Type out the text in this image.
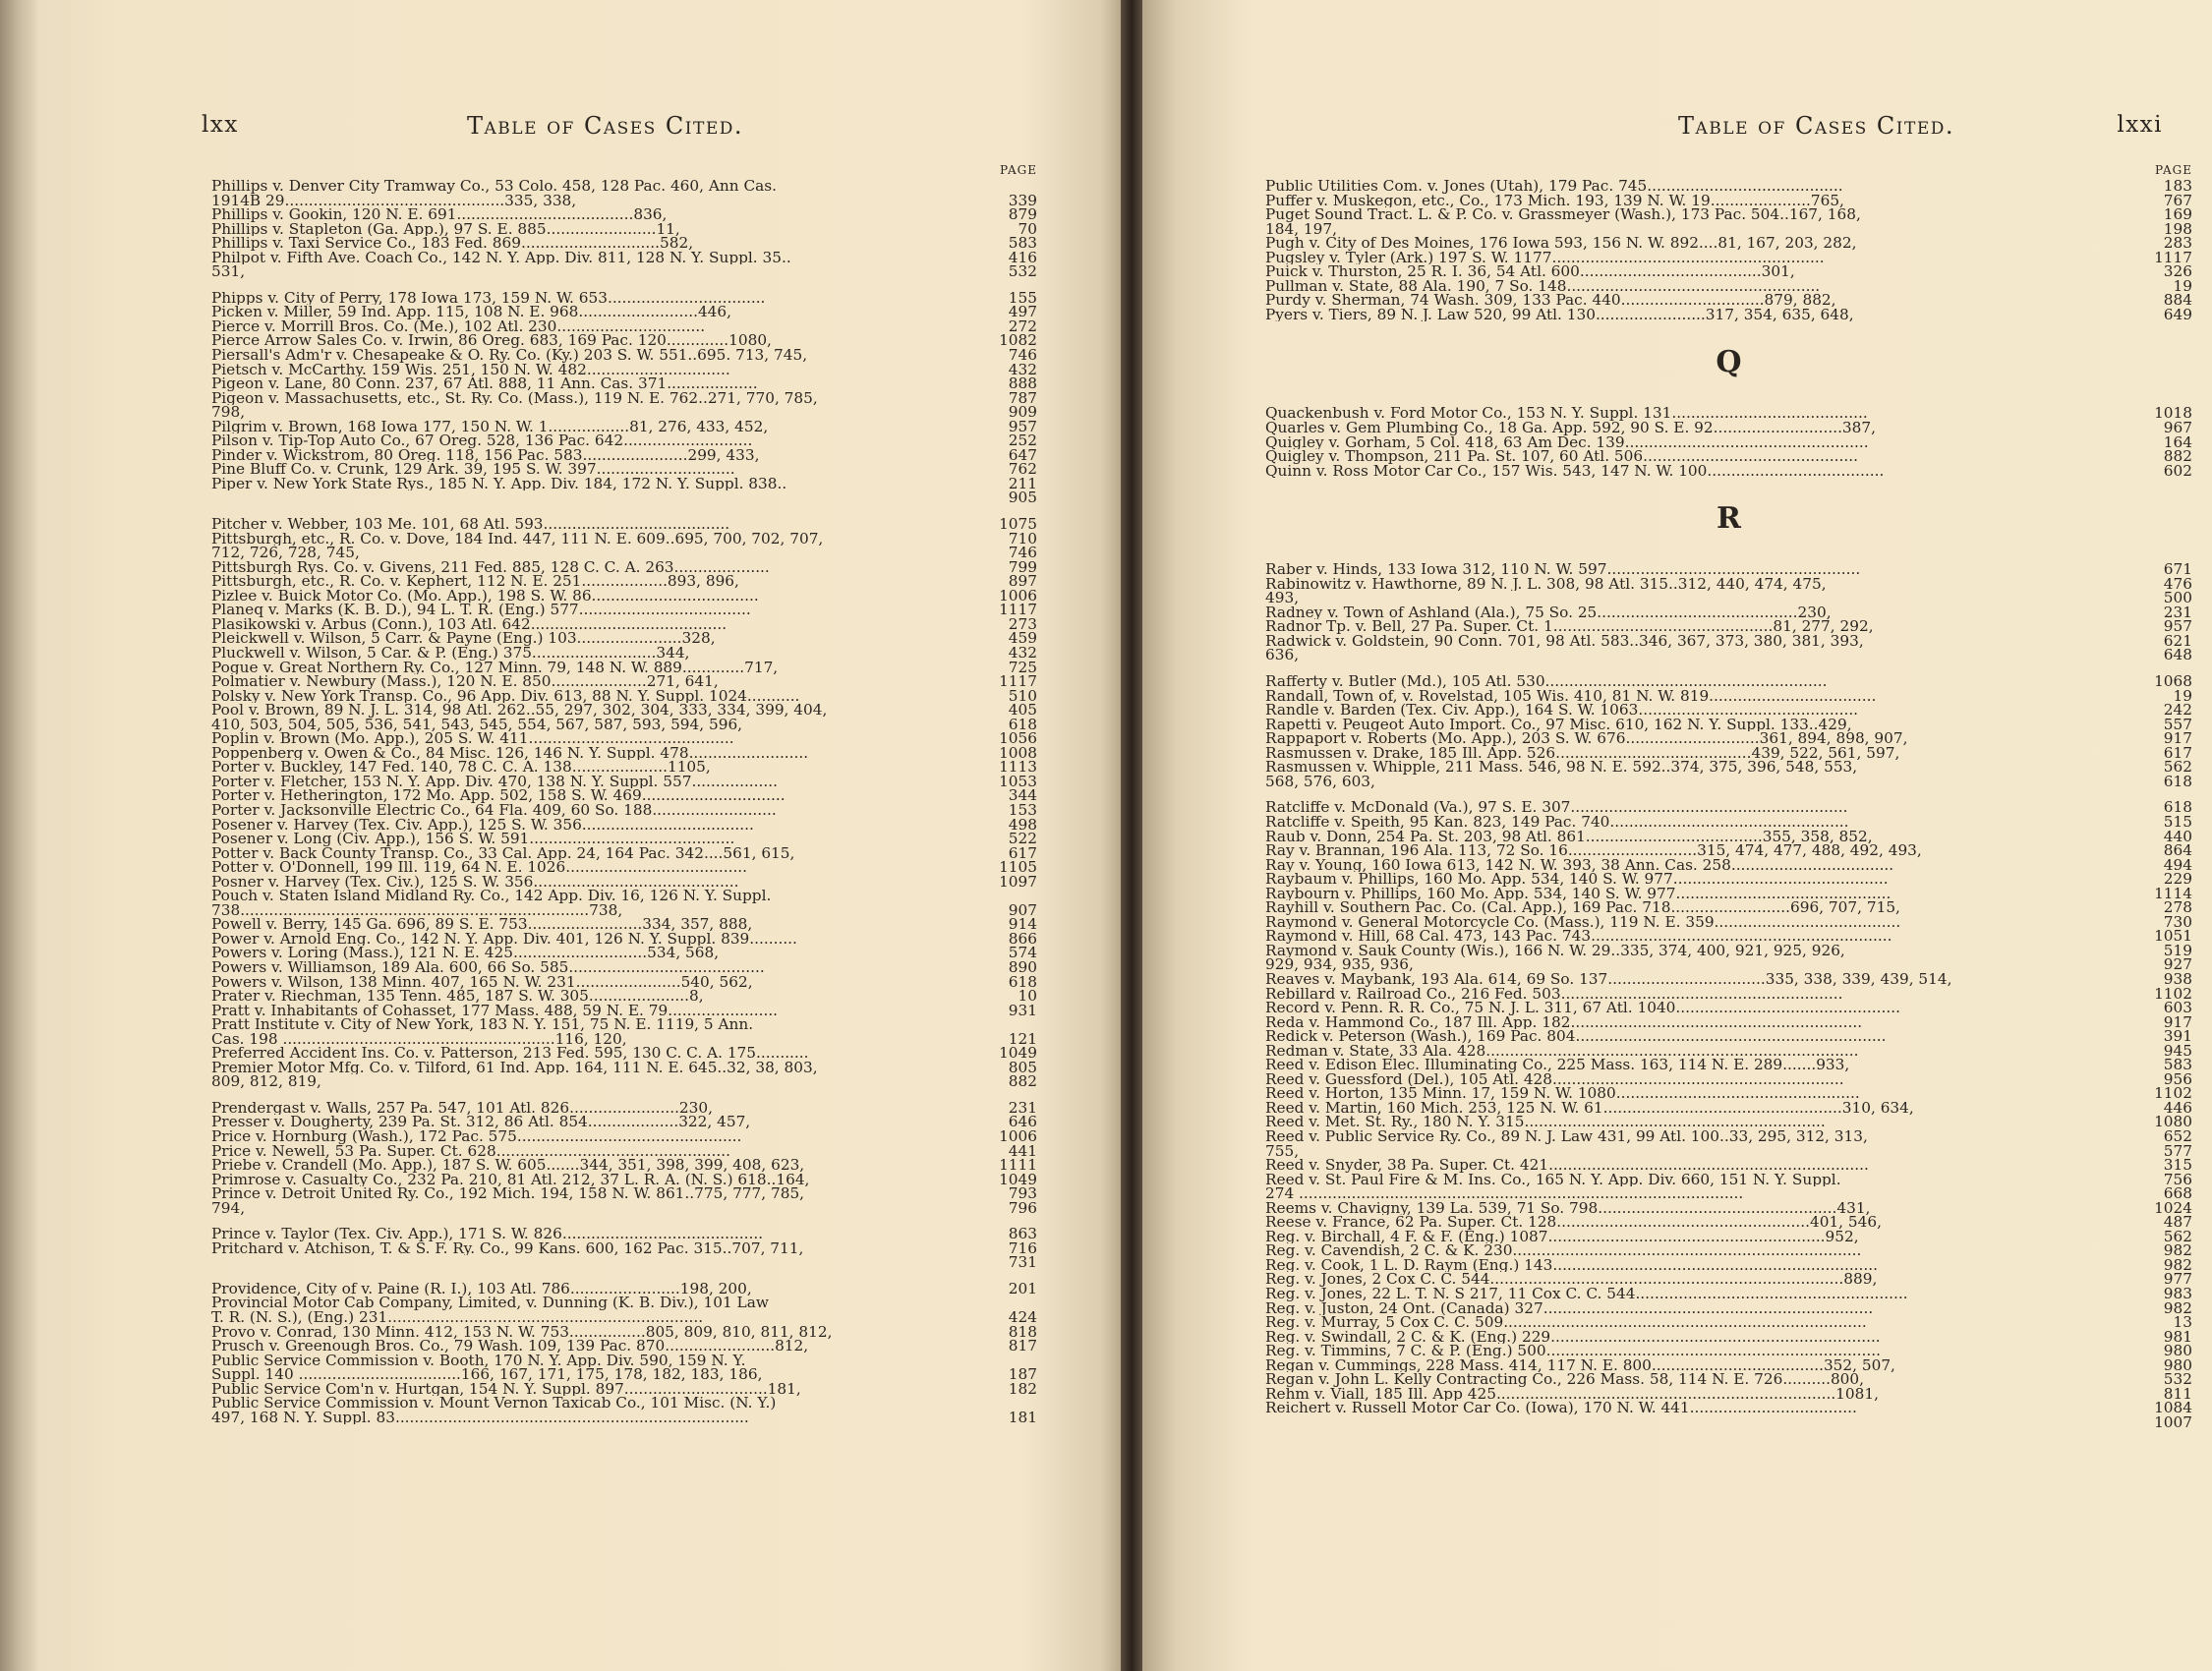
lxx	Table of Cases Cited.
PAGE
Phillips v. Denver City Tramway Co., 53 Colo. 458, 128 Pac. 460, Ann Cas.
1914B 29..............................................335, 338,	339
Phillips v. Gookin, 120 N. E. 691.....................................836,	879
Phillips v. Stapleton (Ga. App.), 97 S. E. 885.......................11,	70
Phillips v. Taxi Service Co., 183 Fed. 869.............................582,	583
Philpot v. Fifth Ave. Coach Co., 142 N. Y. App. Div. 811, 128 N. Y. Suppl. 35..	416
531,	532
Phipps v. City of Perry, 178 Iowa 173, 159 N. W. 653.................................	155
Picken v. Miller, 59 Ind. App. 115, 108 N. E. 968.........................446,	497
Pierce v. Morrill Bros. Co. (Me.), 102 Atl. 230...............................	272
Pierce Arrow Sales Co. v. Irwin, 86 Oreg. 683, 169 Pac. 120.............1080,	1082
Piersall's Adm'r v. Chesapeake & O. Ry. Co. (Ky.) 203 S. W. 551..695. 713, 745,	746
Pietsch v. McCarthy. 159 Wis. 251, 150 N. W. 482..............................	432
Pigeon v. Lane, 80 Conn. 237, 67 Atl. 888, 11 Ann. Cas. 371...................	888
Pigeon v. Massachusetts, etc., St. Ry. Co. (Mass.), 119 N. E. 762..271, 770, 785,	787
798,	909
Pilgrim v. Brown, 168 Iowa 177, 150 N. W. 1.................81, 276, 433, 452,	957
Pilson v. Tip-Top Auto Co., 67 Oreg. 528, 136 Pac. 642...........................	252
Pinder v. Wickstrom, 80 Oreg. 118, 156 Pac. 583......................299, 433,	647
Pine Bluff Co. v. Crunk, 129 Ark. 39, 195 S. W. 397.............................	762
Piper v. New York State Rys., 185 N. Y. App. Div. 184, 172 N. Y. Suppl. 838..	211
905
Pitcher v. Webber, 103 Me. 101, 68 Atl. 593.......................................	1075
Pittsburgh, etc., R. Co. v. Dove, 184 Ind. 447, 111 N. E. 609..695, 700, 702, 707,	710
712, 726, 728, 745,	746
Pittsburgh Rys. Co. v. Givens, 211 Fed. 885, 128 C. C. A. 263....................	799
Pittsburgh, etc., R. Co. v. Kephert, 112 N. E. 251..................893, 896,	897
Pizlee v. Buick Motor Co. (Mo. App.), 198 S. W. 86...................................	1006
Planeq v. Marks (K. B. D.), 94 L. T. R. (Eng.) 577....................................	1117
Plasikowski v. Arbus (Conn.), 103 Atl. 642.........................................	273
Pleickwell v. Wilson, 5 Carr. & Payne (Eng.) 103......................328,	459
Pluckwell v. Wilson, 5 Car. & P. (Eng.) 375..........................344,	432
Pogue v. Great Northern Ry. Co., 127 Minn. 79, 148 N. W. 889.............717,	725
Polmatier v. Newbury (Mass.), 120 N. E. 850....................271, 641,	1117
Polsky v. New York Transp. Co., 96 App. Div. 613, 88 N. Y. Suppl. 1024...........	510
Pool v. Brown, 89 N. J. L. 314, 98 Atl. 262..55, 297, 302, 304, 333, 334, 399, 404,	405
410, 503, 504, 505, 536, 541, 543, 545, 554, 567, 587, 593, 594, 596,	618
Poplin v. Brown (Mo. App.), 205 S. W. 411...........................................	1056
Poppenberg v. Owen & Co., 84 Misc. 126, 146 N. Y. Suppl. 478.........................	1008
Porter v. Buckley, 147 Fed. 140, 78 C. C. A. 138....................1105,	1113
Porter v. Fletcher, 153 N. Y. App. Div. 470, 138 N. Y. Suppl. 557..................	1053
Porter v. Hetherington, 172 Mo. App. 502, 158 S. W. 469..............................	344
Porter v. Jacksonville Electric Co., 64 Fla. 409, 60 So. 188..........................	153
Posener v. Harvey (Tex. Civ. App.), 125 S. W. 356....................................	498
Posener v. Long (Civ. App.), 156 S. W. 591...........................................	522
Potter v. Back County Transp. Co., 33 Cal. App. 24, 164 Pac. 342....561, 615,	617
Potter v. O'Donnell, 199 Ill. 119, 64 N. E. 1026......................................	1105
Posner v. Harvey (Tex. Civ.), 125 S. W. 356...........................................	1097
Pouch v. Staten Island Midland Ry. Co., 142 App. Div. 16, 126 N. Y. Suppl.
738.........................................................................738,	907
Powell v. Berry, 145 Ga. 696, 89 S. E. 753........................334, 357, 888,	914
Power v. Arnold Eng. Co., 142 N. Y. App. Div. 401, 126 N. Y. Suppl. 839..........	866
Powers v. Loring (Mass.), 121 N. E. 425............................534, 568,	574
Powers v. Williamson, 189 Ala. 600, 66 So. 585.........................................	890
Powers v. Wilson, 138 Minn. 407, 165 N. W. 231......................540, 562,	618
Prater v. Riechman, 135 Tenn. 485, 187 S. W. 305.....................8,	10
Pratt v. Inhabitants of Cohasset, 177 Mass. 488, 59 N. E. 79.......................	931
Pratt Institute v. City of New York, 183 N. Y. 151, 75 N. E. 1119, 5 Ann.
Cas. 198 .........................................................116, 120,	121
Preferred Accident Ins. Co. v. Patterson, 213 Fed. 595, 130 C. C. A. 175...........	1049
Premier Motor Mfg. Co. v. Tilford, 61 Ind. App. 164, 111 N. E. 645..32, 38, 803,	805
809, 812, 819,	882
Prendergast v. Walls, 257 Pa. 547, 101 Atl. 826.......................230,	231
Presser v. Dougherty, 239 Pa. St. 312, 86 Atl. 854...................322, 457,	646
Price v. Hornburg (Wash.), 172 Pac. 575...............................................	1006
Price v. Newell, 53 Pa. Super. Ct. 628.................................................	441
Priebe v. Crandell (Mo. App.), 187 S. W. 605.......344, 351, 398, 399, 408, 623,	1111
Primrose v. Casualty Co., 232 Pa. 210, 81 Atl. 212, 37 L. R. A. (N. S.) 618..164,	1049
Prince v. Detroit United Ry. Co., 192 Mich. 194, 158 N. W. 861..775, 777, 785,	793
794,	796
Prince v. Taylor (Tex. Civ. App.), 171 S. W. 826..........................................	863
Pritchard v. Atchison, T. & S. F. Ry. Co., 99 Kans. 600, 162 Pac. 315..707, 711,	716
731
Providence, City of v. Paine (R. I.), 103 Atl. 786.......................198, 200,	201
Provincial Motor Cab Company, Limited, v. Dunning (K. B. Div.), 101 Law
T. R. (N. S.), (Eng.) 231..................................................................	424
Provo v. Conrad, 130 Minn. 412, 153 N. W. 753................805, 809, 810, 811, 812,	818
Prusch v. Greenough Bros. Co., 79 Wash. 109, 139 Pac. 870.......................812,	817
Public Service Commission v. Booth, 170 N. Y. App. Div. 590, 159 N. Y.
Suppl. 140 ..................................166, 167, 171, 175, 178, 182, 183, 186,	187
Public Service Com'n v. Hurtgan, 154 N. Y. Suppl. 897..............................181,	182
Public Service Commission v. Mount Vernon Taxicab Co., 101 Misc. (N. Y.)
497, 168 N. Y. Suppl. 83..........................................................................	181
Table of Cases Cited.	lxxi
PAGE
Public Utilities Com. v. Jones (Utah), 179 Pac. 745.........................................	183
Puffer v. Muskegon, etc., Co., 173 Mich. 193, 139 N. W. 19.....................765,	767
Puget Sound Tract. L. & P. Co. v. Grassmeyer (Wash.), 173 Pac. 504..167, 168,	169
184, 197,	198
Pugh v. City of Des Moines, 176 Iowa 593, 156 N. W. 892....81, 167, 203, 282,	283
Pugsley v. Tyler (Ark.) 197 S. W. 1177.........................................................	1117
Puick v. Thurston, 25 R. I. 36, 54 Atl. 600......................................301,	326
Pullman v. State, 88 Ala. 190, 7 So. 148.....................................................	19
Purdy v. Sherman, 74 Wash. 309, 133 Pac. 440..............................879, 882,	884
Pyers v. Tiers, 89 N. J. Law 520, 99 Atl. 130.......................317, 354, 635, 648,	649
Q
Quackenbush v. Ford Motor Co., 153 N. Y. Suppl. 131.........................................	1018
Quarles v. Gem Plumbing Co., 18 Ga. App. 592, 90 S. E. 92...........................387,	967
Quigley v. Gorham, 5 Col. 418, 63 Am Dec. 139...................................................	164
Quigley v. Thompson, 211 Pa. St. 107, 60 Atl. 506.............................................	882
Quinn v. Ross Motor Car Co., 157 Wis. 543, 147 N. W. 100.....................................	602
R
Raber v. Hinds, 133 Iowa 312, 110 N. W. 597.....................................................	671
Rabinowitz v. Hawthorne, 89 N. J. L. 308, 98 Atl. 315..312, 440, 474, 475,	476
493,	500
Radney v. Town of Ashland (Ala.), 75 So. 25..........................................230,	231
Radnor Tp. v. Bell, 27 Pa. Super. Ct. 1..............................................81, 277, 292,	957
Radwick v. Goldstein, 90 Conn. 701, 98 Atl. 583..346, 367, 373, 380, 381, 393,	621
636,	648
Rafferty v. Butler (Md.), 105 Atl. 530...........................................................	1068
Randall, Town of, v. Rovelstad, 105 Wis. 410, 81 N. W. 819...................................	19
Randle v. Barden (Tex. Civ. App.), 164 S. W. 1063..............................................	242
Rapetti v. Peugeot Auto Import. Co., 97 Misc. 610, 162 N. Y. Suppl. 133..429,	557
Rappaport v. Roberts (Mo. App.), 203 S. W. 676............................361, 894, 898, 907,	917
Rasmussen v. Drake, 185 Ill. App. 526.........................................439, 522, 561, 597,	617
Rasmussen v. Whipple, 211 Mass. 546, 98 N. E. 592..374, 375, 396, 548, 553,	562
568, 576, 603,	618
Ratcliffe v. McDonald (Va.), 97 S. E. 307..........................................................	618
Ratcliffe v. Speith, 95 Kan. 823, 149 Pac. 740..................................................	515
Raub v. Donn, 254 Pa. St. 203, 98 Atl. 861.....................................355, 358, 852,	440
Ray v. Brannan, 196 Ala. 113, 72 So. 16...........................315, 474, 477, 488, 492, 493,	864
Ray v. Young, 160 Iowa 613, 142 N. W. 393, 38 Ann. Cas. 258..................................	494
Raybaum v. Phillips, 160 Mo. App. 534, 140 S. W. 977.............................................	229
Raybourn v. Phillips, 160 Mo. App. 534, 140 S. W. 977.............................................	1114
Rayhill v. Southern Pac. Co. (Cal. App.), 169 Pac. 718.........................696, 707, 715,	278
Raymond v. General Motorcycle Co. (Mass.), 119 N. E. 359.......................................	730
Raymond v. Hill, 68 Cal. 473, 143 Pac. 743...............................................................	1051
Raymond v. Sauk County (Wis.), 166 N. W. 29..335, 374, 400, 921, 925, 926,	519
929, 934, 935, 936,	927
Reaves v. Maybank, 193 Ala. 614, 69 So. 137.................................335, 338, 339, 439, 514,	938
Rebillard v. Railroad Co., 216 Fed. 503...........................................................	1102
Record v. Penn. R. R. Co., 75 N. J. L. 311, 67 Atl. 1040...............................................	603
Reda v. Hammond Co., 187 Ill. App. 182.............................................................	917
Redick v. Peterson (Wash.), 169 Pac. 804.................................................................	391
Redman v. State, 33 Ala. 428..............................................................................	945
Reed v. Edison Elec. Illuminating Co., 225 Mass. 163, 114 N. E. 289.......933,	583
Reed v. Guessford (Del.), 105 Atl. 428.............................................................	956
Reed v. Horton, 135 Minn. 17, 159 N. W. 1080...................................................	1102
Reed v. Martin, 160 Mich. 253, 125 N. W. 61..................................................310, 634,	446
Reed v. Met. St. Ry., 180 N. Y. 315...............................................................	1080
Reed v. Public Service Ry. Co., 89 N. J. Law 431, 99 Atl. 100..33, 295, 312, 313,	652
755,	577
Reed v. Snyder, 38 Pa. Super. Ct. 421...................................................................	315
Reed v. St. Paul Fire & M. Ins. Co., 165 N. Y. App. Div. 660, 151 N. Y. Suppl.	756
274 .............................................................................................	668
Reems v. Chavigny, 139 La. 539, 71 So. 798..................................................431,	1024
Reese v. France, 62 Pa. Super. Ct. 128.....................................................401, 546,	487
Reg. v. Birchall, 4 F. & F. (Eng.) 1087..........................................................952,	562
Reg. v. Cavendish, 2 C. & K. 230.........................................................................	982
Reg. v. Cook, 1 L. D. Raym (Eng.) 143....................................................................	982
Reg. v. Jones, 2 Cox C. C. 544..........................................................................889,	977
Reg. v. Jones, 22 L. T. N. S 217, 11 Cox C. C. 544.........................................................	983
Reg. v. Juston, 24 Ont. (Canada) 327.....................................................................	982
Reg. v. Murray, 5 Cox C. C. 509............................................................................	13
Reg. v. Swindall, 2 C. & K. (Eng.) 229.....................................................................	981
Reg. v. Timmins, 7 C. & P. (Eng.) 500......................................................................	980
Regan v. Cummings, 228 Mass. 414, 117 N. E. 800....................................352, 507,	980
Regan v. John L. Kelly Contracting Co., 226 Mass. 58, 114 N. E. 726..........800,	532
Rehm v. Viall, 185 Ill. App 425.......................................................................1081,	811
Reichert v. Russell Motor Car Co. (Iowa), 170 N. W. 441...................................	1084
1007
